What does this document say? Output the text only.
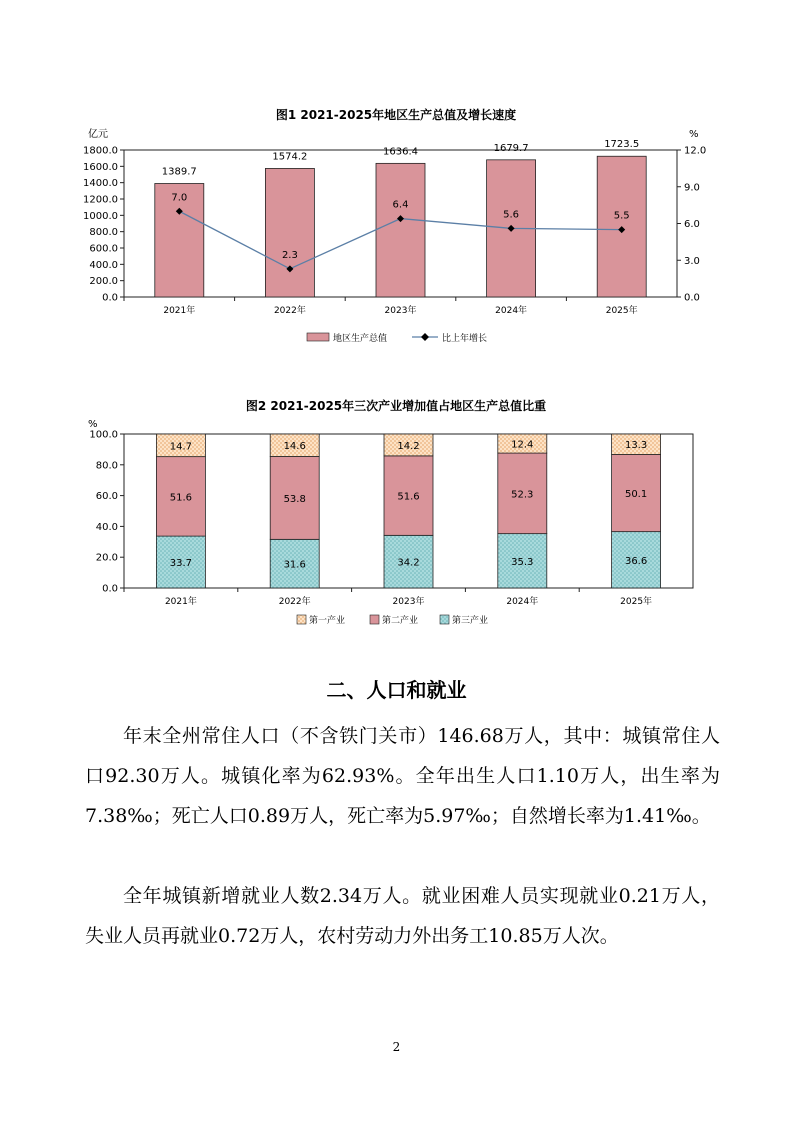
图1 2021-2025年地区生产总值及增长速度
亿元	%
0.0
200.0
400.0
600.0
800.0
1000.0
1200.0
1400.0
1600.0
1800.0
0.0
3.0
6.0
9.0
12.0
2021年	2022年	2023年	2024年	2025年
1389.7
7.0
1574.2
2.3
1636.4
6.4
1679.7
5.6
1723.5
5.5
地区生产总值	比上年增长
图2 2021-2025年三次产业增加值占地区生产总值比重
%
0.0
20.0
40.0
60.0
80.0
100.0
2021年	2022年	2023年	2024年	2025年
33.7
51.6
14.7
31.6
53.8
14.6
34.2
51.6
14.2
35.3
52.3
12.4
36.6
50.1
13.3
第一产业	第二产业	第三产业
二、人口和就业

年末全州常住人口（不含铁门关市）146.68万人，其中：城镇常住人口92.30万人。城镇化率为62.93%。全年出生人口1.10万人，出生率为7.38‰；死亡人口0.89万人，死亡率为5.97‰；自然增长率为1.41‰。

全年城镇新增就业人数2.34万人。就业困难人员实现就业0.21万人，失业人员再就业0.72万人，农村劳动力外出务工10.85万人次。

2
